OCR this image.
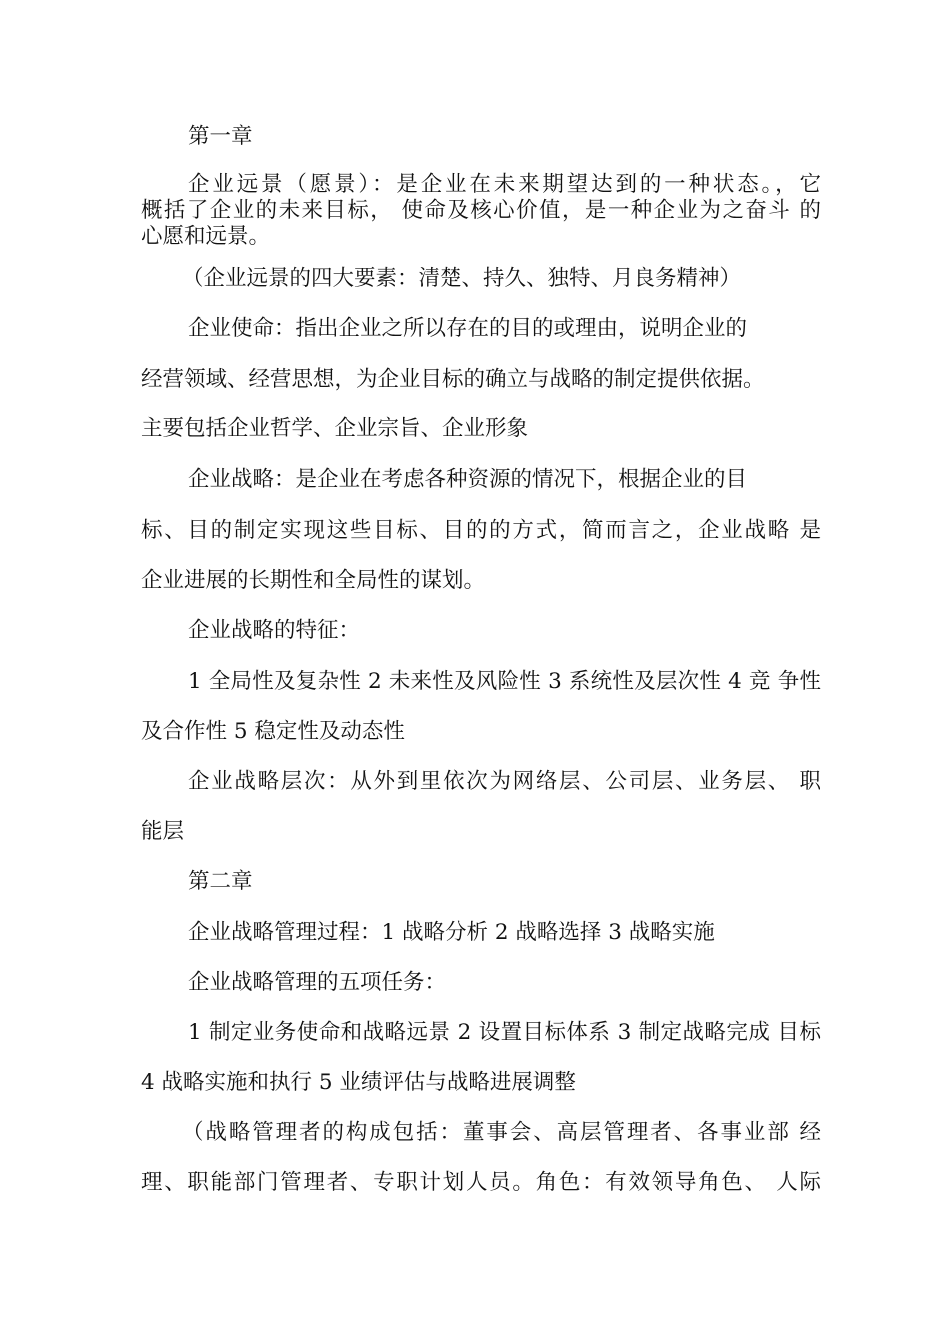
第一章
企业远景（愿景）：是企业在未来期望达到的一种状态。，它
概括了企业的未来目标， 使命及核心价值，是一种企业为之奋斗 的
心愿和远景。
（企业远景的四大要素：清楚、持久、独特、月良务精神）
企业使命：指出企业之所以存在的目的或理由，说明企业的
经营领域、经营思想，为企业目标的确立与战略的制定提供依据。
主要包括企业哲学、企业宗旨、企业形象
企业战略：是企业在考虑各种资源的情况下，根据企业的目
标、目的制定实现这些目标、目的的方式，简而言之，企业战略 是
企业进展的长期性和全局性的谋划。
企业战略的特征：
1 全局性及复杂性 2 未来性及风险性 3 系统性及层次性 4 竞 争性
及合作性 5 稳定性及动态性
企业战略层次：从外到里依次为网络层、公司层、业务层、 职
能层
第二章
企业战略管理过程：1 战略分析 2 战略选择 3 战略实施
企业战略管理的五项任务：
1 制定业务使命和战略远景 2 设置目标体系 3 制定战略完成 目标
4 战略实施和执行 5 业绩评估与战略进展调整
（战略管理者的构成包括：董事会、高层管理者、各事业部 经
理、职能部门管理者、专职计划人员。角色：有效领导角色、 人际
